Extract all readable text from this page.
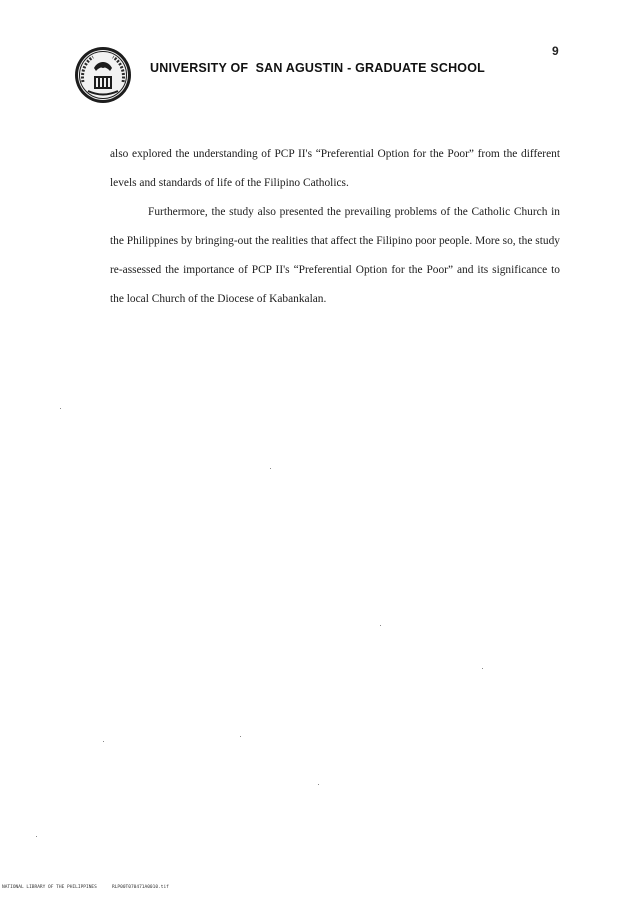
9
UNIVERSITY OF  SAN AGUSTIN - GRADUATE SCHOOL

also explored the understanding of PCP II's “Preferential Option for the Poor” from the different levels and standards of life of the Filipino Catholics.

Furthermore, the study also presented the prevailing problems of the Catholic Church in the Philippines by bringing-out the realities that affect the Filipino poor people. More so, the study re-assessed the importance of PCP II's “Preferential Option for the Poor” and its significance to the local Church of the Diocese of Kabankalan.

NATIONAL LIBRARY OF THE PHILIPPINES	RLP00T070471A0010.tif
